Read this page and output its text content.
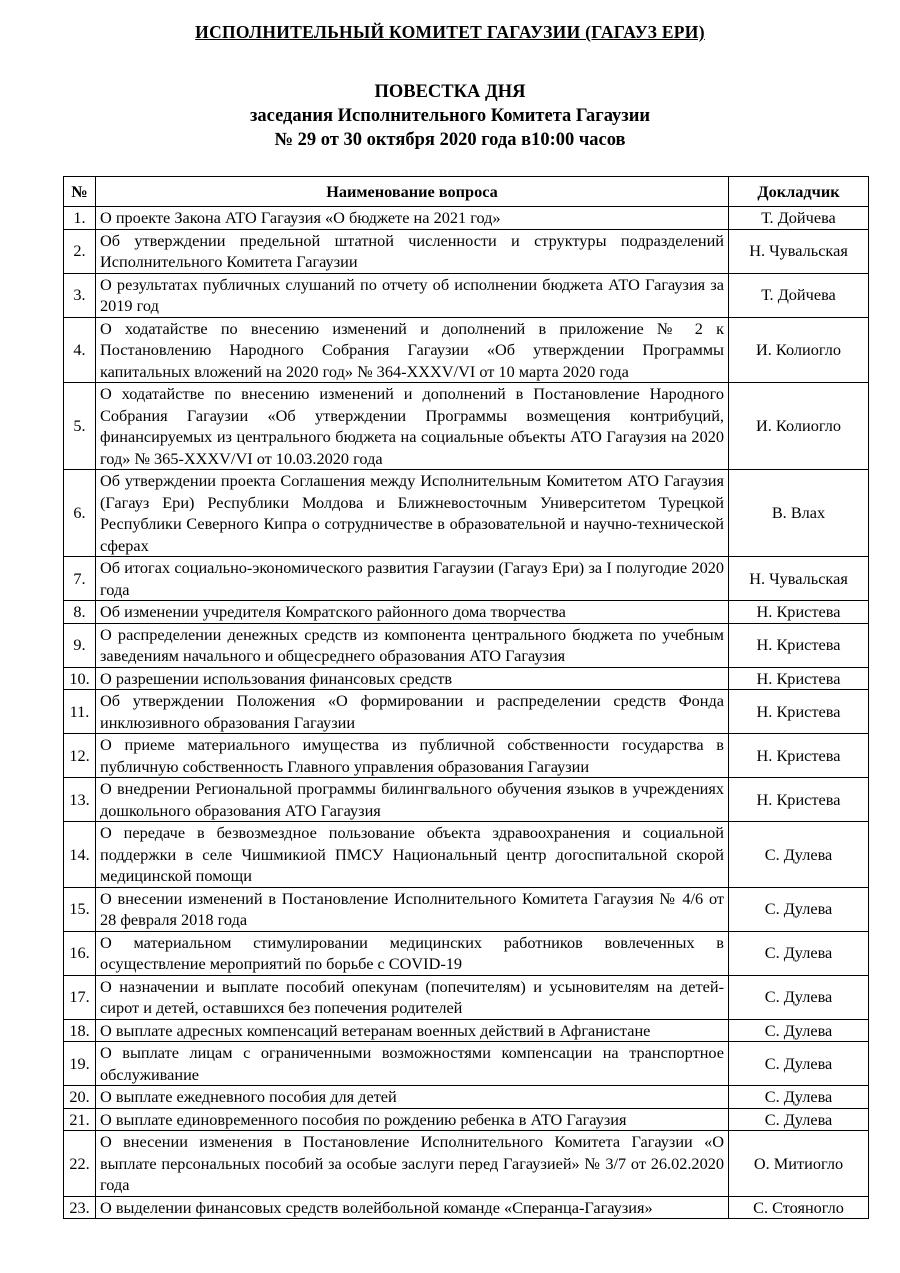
ИСПОЛНИТЕЛЬНЫЙ КОМИТЕТ ГАГАУЗИИ (ГАГАУЗ ЕРИ)
ПОВЕСТКА ДНЯ
заседания Исполнительного Комитета Гагаузии
№ 29 от 30 октября 2020 года в10:00 часов
№	Наименование вопроса	Докладчик
1.	О проекте Закона АТО Гагаузия «О бюджете на 2021 год»	Т. Дойчева
2.	Об утверждении предельной штатной численности и структуры подразделений Исполнительного Комитета Гагаузии	Н. Чувальская
3.	О результатах публичных слушаний по отчету об исполнении бюджета АТО Гагаузия за 2019 год	Т. Дойчева
4.	О ходатайстве по внесению изменений и дополнений в приложение № 2 к Постановлению Народного Собрания Гагаузии «Об утверждении Программы капитальных вложений на 2020 год» № 364-XXXV/VI от 10 марта 2020 года	И. Колиогло
5.	О ходатайстве по внесению изменений и дополнений в Постановление Народного Собрания Гагаузии «Об утверждении Программы возмещения контрибуций, финансируемых из центрального бюджета на социальные объекты АТО Гагаузия на 2020 год» № 365-XXXV/VI от 10.03.2020 года	И. Колиогло
6.	Об утверждении проекта Соглашения между Исполнительным Комитетом АТО Гагаузия (Гагауз Ери) Республики Молдова и Ближневосточным Университетом Турецкой Республики Северного Кипра о сотрудничестве в образовательной и научно-технической сферах	В. Влах
7.	Об итогах социально-экономического развития Гагаузии (Гагауз Ери) за I полугодие 2020 года	Н. Чувальская
8.	Об изменении учредителя Комратского районного дома творчества	Н. Кристева
9.	О распределении денежных средств из компонента центрального бюджета по учебным заведениям начального и общесреднего образования АТО Гагаузия	Н. Кристева
10.	О разрешении использования финансовых средств	Н. Кристева
11.	Об утверждении Положения «О формировании и распределении средств Фонда инклюзивного образования Гагаузии	Н. Кристева
12.	О приеме материального имущества из публичной собственности государства в публичную собственность Главного управления образования Гагаузии	Н. Кристева
13.	О внедрении Региональной программы билингвального обучения языков в учреждениях дошкольного образования АТО Гагаузия	Н. Кристева
14.	О передаче в безвозмездное пользование объекта здравоохранения и социальной поддержки в селе Чишмикиой ПМСУ Национальный центр догоспитальной скорой медицинской помощи	С. Дулева
15.	О внесении изменений в Постановление Исполнительного Комитета Гагаузия № 4/6 от 28 февраля 2018 года	С. Дулева
16.	О материальном стимулировании медицинских работников вовлеченных в осуществление мероприятий по борьбе с COVID-19	С. Дулева
17.	О назначении и выплате пособий опекунам (попечителям) и усыновителям на детей-сирот и детей, оставшихся без попечения родителей	С. Дулева
18.	О выплате адресных компенсаций ветеранам военных действий в Афганистане	С. Дулева
19.	О выплате лицам с ограниченными возможностями компенсации на транспортное обслуживание	С. Дулева
20.	О выплате ежедневного пособия для детей	С. Дулева
21.	О выплате единовременного пособия по рождению ребенка в АТО Гагаузия	С. Дулева
22.	О внесении изменения в Постановление Исполнительного Комитета Гагаузии «О выплате персональных пособий за особые заслуги перед Гагаузией» № 3/7 от 26.02.2020 года	О. Митиогло
23.	О выделении финансовых средств волейбольной команде «Сперанца-Гагаузия»	С. Стояногло
